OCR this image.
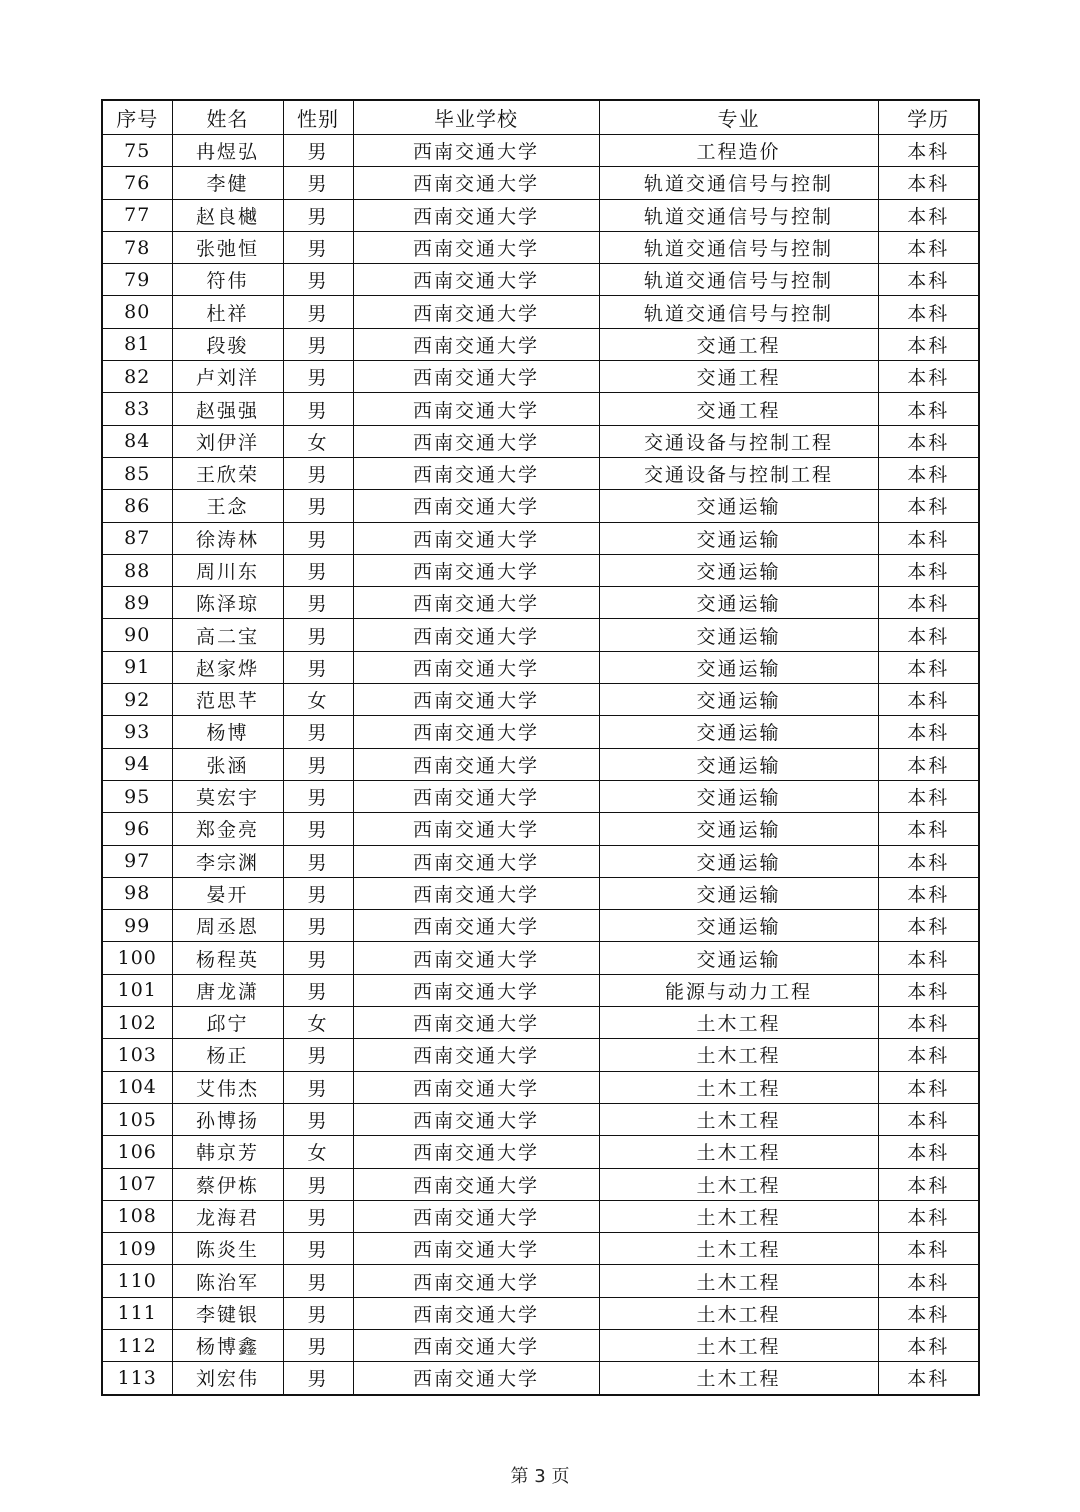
序号	姓名	性别	毕业学校	专业	学历
75	冉煜弘	男	西南交通大学	工程造价	本科
76	李健	男	西南交通大学	轨道交通信号与控制	本科
77	赵良樾	男	西南交通大学	轨道交通信号与控制	本科
78	张弛恒	男	西南交通大学	轨道交通信号与控制	本科
79	符伟	男	西南交通大学	轨道交通信号与控制	本科
80	杜祥	男	西南交通大学	轨道交通信号与控制	本科
81	段骏	男	西南交通大学	交通工程	本科
82	卢刘洋	男	西南交通大学	交通工程	本科
83	赵强强	男	西南交通大学	交通工程	本科
84	刘伊洋	女	西南交通大学	交通设备与控制工程	本科
85	王欣荣	男	西南交通大学	交通设备与控制工程	本科
86	王念	男	西南交通大学	交通运输	本科
87	徐涛林	男	西南交通大学	交通运输	本科
88	周川东	男	西南交通大学	交通运输	本科
89	陈泽琼	男	西南交通大学	交通运输	本科
90	高二宝	男	西南交通大学	交通运输	本科
91	赵家烨	男	西南交通大学	交通运输	本科
92	范思芊	女	西南交通大学	交通运输	本科
93	杨博	男	西南交通大学	交通运输	本科
94	张涵	男	西南交通大学	交通运输	本科
95	莫宏宇	男	西南交通大学	交通运输	本科
96	郑金亮	男	西南交通大学	交通运输	本科
97	李宗渊	男	西南交通大学	交通运输	本科
98	晏开	男	西南交通大学	交通运输	本科
99	周丞恩	男	西南交通大学	交通运输	本科
100	杨程英	男	西南交通大学	交通运输	本科
101	唐龙潇	男	西南交通大学	能源与动力工程	本科
102	邱宁	女	西南交通大学	土木工程	本科
103	杨正	男	西南交通大学	土木工程	本科
104	艾伟杰	男	西南交通大学	土木工程	本科
105	孙博扬	男	西南交通大学	土木工程	本科
106	韩京芳	女	西南交通大学	土木工程	本科
107	蔡伊栋	男	西南交通大学	土木工程	本科
108	龙海君	男	西南交通大学	土木工程	本科
109	陈炎生	男	西南交通大学	土木工程	本科
110	陈治军	男	西南交通大学	土木工程	本科
111	李键银	男	西南交通大学	土木工程	本科
112	杨博鑫	男	西南交通大学	土木工程	本科
113	刘宏伟	男	西南交通大学	土木工程	本科
第 3 页
